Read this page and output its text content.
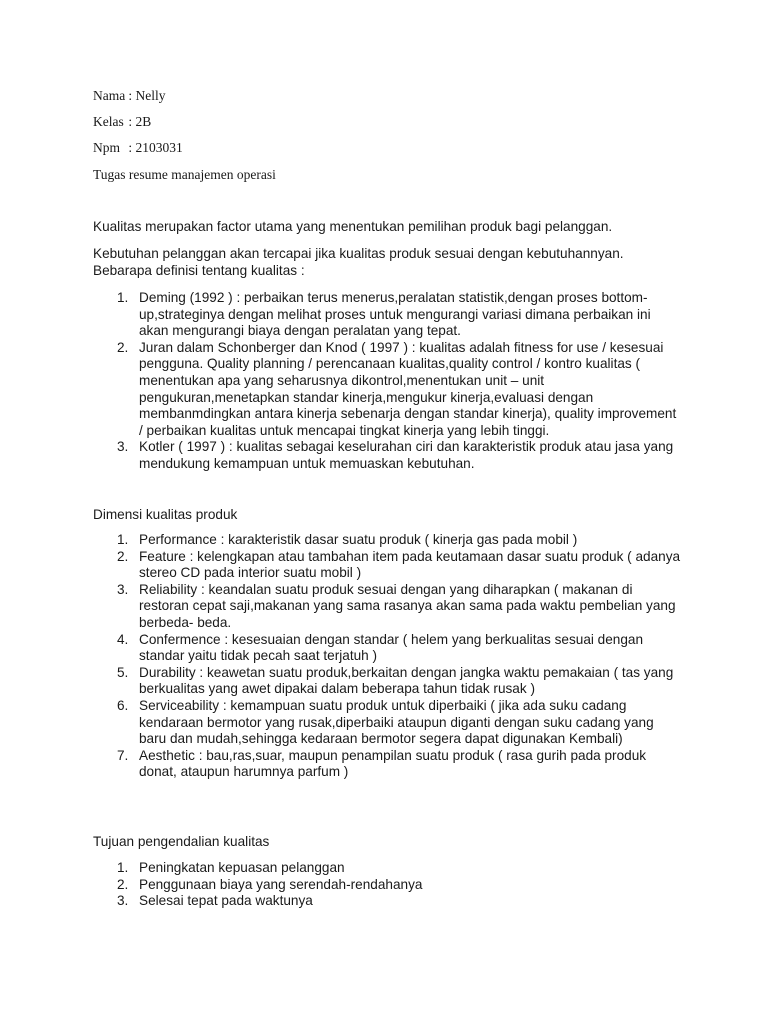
Nama : Nelly
Kelas : 2B
Npm : 2103031
Tugas resume manajemen operasi

Kualitas merupakan factor utama yang menentukan pemilihan produk bagi pelanggan.

Kebutuhan pelanggan akan tercapai jika kualitas produk sesuai dengan kebutuhannyan.

Bebarapa definisi tentang kualitas :

1. Deming (1992 ) : perbaikan terus menerus,peralatan statistik,dengan proses bottom-up,strateginya dengan melihat proses untuk mengurangi variasi dimana perbaikan ini akan mengurangi biaya dengan peralatan yang tepat.
2. Juran dalam Schonberger dan Knod ( 1997 ) : kualitas adalah fitness for use / kesesuai pengguna. Quality planning / perencanaan kualitas,quality control / kontro kualitas ( menentukan apa yang seharusnya dikontrol,menentukan unit – unit pengukuran,menetapkan standar kinerja,mengukur kinerja,evaluasi dengan membanmdingkan antara kinerja sebenarja dengan standar kinerja), quality improvement / perbaikan kualitas untuk mencapai tingkat kinerja yang lebih tinggi.
3. Kotler ( 1997 ) : kualitas sebagai keselurahan ciri dan karakteristik produk atau jasa yang mendukung kemampuan untuk memuaskan kebutuhan.
Dimensi kualitas produk
1. Performance : karakteristik dasar suatu produk ( kinerja gas pada mobil )
2. Feature : kelengkapan atau tambahan item pada keutamaan dasar suatu produk ( adanya stereo CD pada interior suatu mobil )
3. Reliability : keandalan suatu produk sesuai dengan yang diharapkan ( makanan di restoran cepat saji,makanan yang sama rasanya akan sama pada waktu pembelian yang berbeda- beda.
4. Confermence : kesesuaian dengan standar ( helem yang berkualitas sesuai dengan standar yaitu tidak pecah saat terjatuh )
5. Durability : keawetan suatu produk,berkaitan dengan jangka waktu pemakaian ( tas yang berkualitas yang awet dipakai dalam beberapa tahun tidak rusak )
6. Serviceability : kemampuan suatu produk untuk diperbaiki ( jika ada suku cadang kendaraan bermotor yang rusak,diperbaiki ataupun diganti dengan suku cadang yang baru dan mudah,sehingga kedaraan bermotor segera dapat digunakan Kembali)
7. Aesthetic : bau,ras,suar, maupun penampilan suatu produk ( rasa gurih pada produk donat, ataupun harumnya parfum )
Tujuan pengendalian kualitas
1. Peningkatan kepuasan pelanggan
2. Penggunaan biaya yang serendah-rendahanya
3. Selesai tepat pada waktunya
